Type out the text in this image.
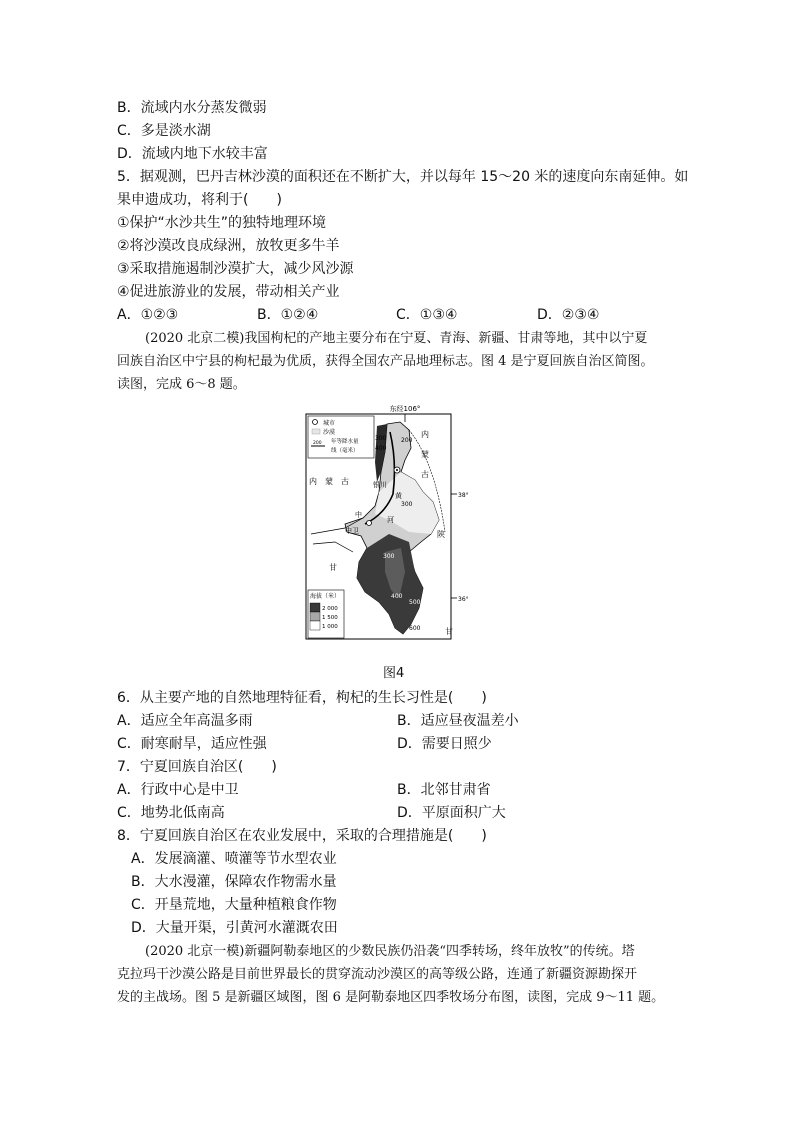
B．流域内水分蒸发微弱
C．多是淡水湖
D．流域内地下水较丰富
5．据观测，巴丹吉林沙漠的面积还在不断扩大，并以每年 15～20 米的速度向东南延伸。如
果申遗成功，将利于(　　)
①保护“水沙共生”的独特地理环境
②将沙漠改良成绿洲，放牧更多牛羊
③采取措施遏制沙漠扩大，减少风沙源
④促进旅游业的发展，带动相关产业
A．①②③	B．①②④	C．①③④	D．②③④
(2020 北京二模)我国枸杞的产地主要分布在宁夏、青海、新疆、甘肃等地，其中以宁夏
回族自治区中宁县的枸杞最为优质，获得全国农产品地理标志。图 4 是宁夏回族自治区简图。
读图，完成 6～8 题。
东经106°
城市
沙漠
200 年等降水量
线（毫米）
内　蒙　古
内
蒙
古
银川
黄
中
河
中卫	陕
甘
甘
38°
36°
300
400
200
300
300
400
500
600
海拔（米）
2 000
1 500
1 000
图4
6．从主要产地的自然地理特征看，枸杞的生长习性是(　　)
A．适应全年高温多雨	B．适应昼夜温差小
C．耐寒耐旱，适应性强	D．需要日照少
7．宁夏回族自治区(　　)
A．行政中心是中卫	B．北邻甘肃省
C．地势北低南高	D．平原面积广大
8．宁夏回族自治区在农业发展中，采取的合理措施是(　　)
A．发展滴灌、喷灌等节水型农业
B．大水漫灌，保障农作物需水量
C．开垦荒地，大量种植粮食作物
D．大量开渠，引黄河水灌溉农田
(2020 北京一模)新疆阿勒泰地区的少数民族仍沿袭“四季转场，终年放牧”的传统。塔
克拉玛干沙漠公路是目前世界最长的贯穿流动沙漠区的高等级公路，连通了新疆资源勘探开
发的主战场。图 5 是新疆区域图，图 6 是阿勒泰地区四季牧场分布图，读图，完成 9～11 题。
